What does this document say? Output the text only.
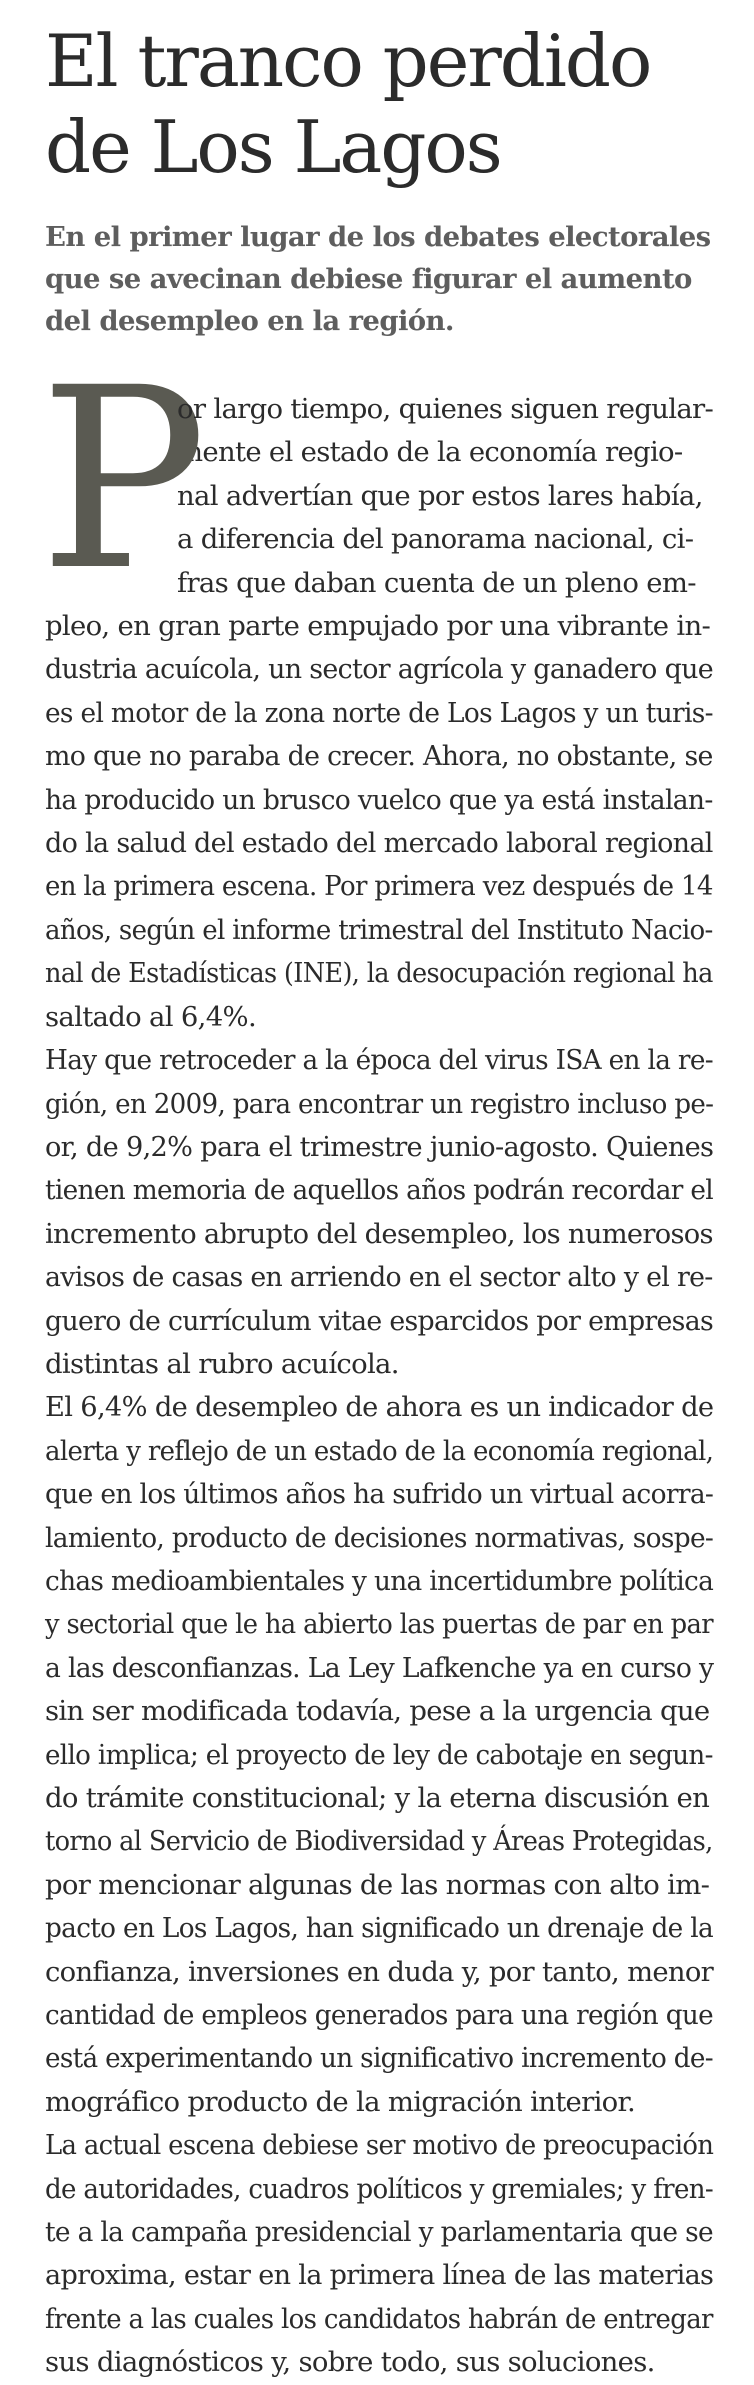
El tranco perdido
de Los Lagos
En el primer lugar de los debates electorales
que se avecinan debiese figurar el aumento
del desempleo en la región.
P
or largo tiempo, quienes siguen regular-
mente el estado de la economía regio-
nal advertían que por estos lares había,
a diferencia del panorama nacional, ci-
fras que daban cuenta de un pleno em-
pleo, en gran parte empujado por una vibrante in-
dustria acuícola, un sector agrícola y ganadero que
es el motor de la zona norte de Los Lagos y un turis-
mo que no paraba de crecer. Ahora, no obstante, se
ha producido un brusco vuelco que ya está instalan-
do la salud del estado del mercado laboral regional
en la primera escena. Por primera vez después de 14
años, según el informe trimestral del Instituto Nacio-
nal de Estadísticas (INE), la desocupación regional ha
saltado al 6,4%.
Hay que retroceder a la época del virus ISA en la re-
gión, en 2009, para encontrar un registro incluso pe-
or, de 9,2% para el trimestre junio-agosto. Quienes
tienen memoria de aquellos años podrán recordar el
incremento abrupto del desempleo, los numerosos
avisos de casas en arriendo en el sector alto y el re-
guero de currículum vitae esparcidos por empresas
distintas al rubro acuícola.
El 6,4% de desempleo de ahora es un indicador de
alerta y reflejo de un estado de la economía regional,
que en los últimos años ha sufrido un virtual acorra-
lamiento, producto de decisiones normativas, sospe-
chas medioambientales y una incertidumbre política
y sectorial que le ha abierto las puertas de par en par
a las desconfianzas. La Ley Lafkenche ya en curso y
sin ser modificada todavía, pese a la urgencia que
ello implica; el proyecto de ley de cabotaje en segun-
do trámite constitucional; y la eterna discusión en
torno al Servicio de Biodiversidad y Áreas Protegidas,
por mencionar algunas de las normas con alto im-
pacto en Los Lagos, han significado un drenaje de la
confianza, inversiones en duda y, por tanto, menor
cantidad de empleos generados para una región que
está experimentando un significativo incremento de-
mográfico producto de la migración interior.
La actual escena debiese ser motivo de preocupación
de autoridades, cuadros políticos y gremiales; y fren-
te a la campaña presidencial y parlamentaria que se
aproxima, estar en la primera línea de las materias
frente a las cuales los candidatos habrán de entregar
sus diagnósticos y, sobre todo, sus soluciones.
